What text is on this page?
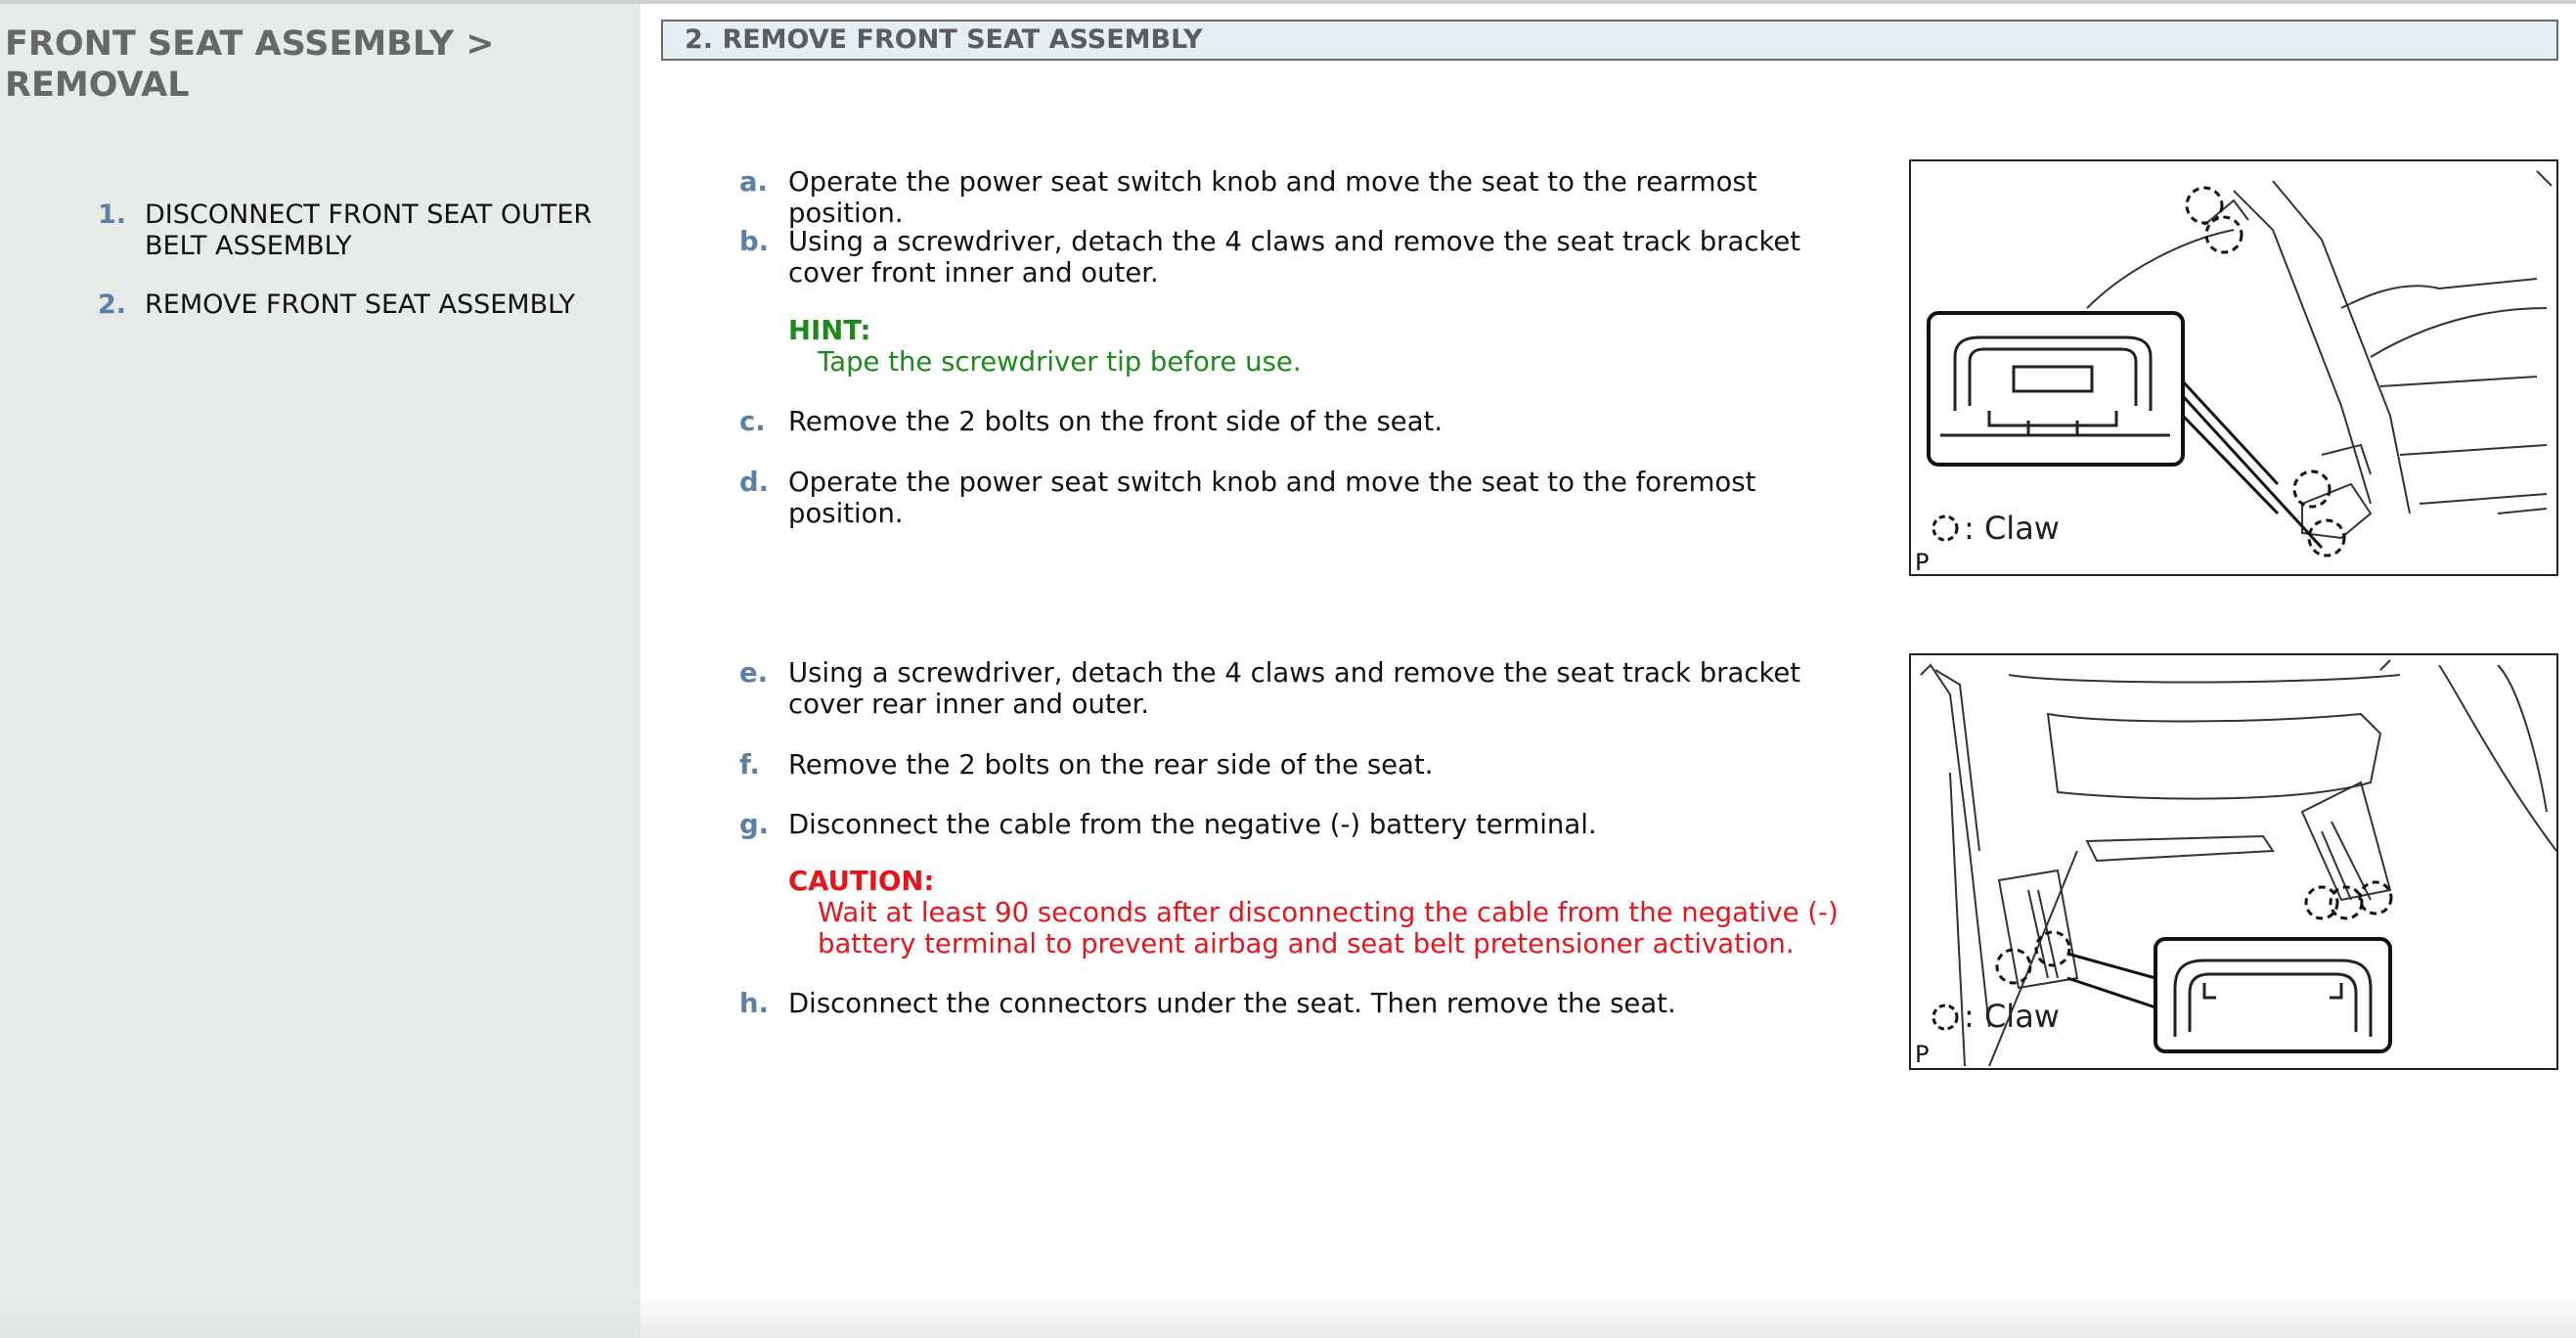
FRONT SEAT ASSEMBLY > REMOVAL
1. DISCONNECT FRONT SEAT OUTER BELT ASSEMBLY
2. REMOVE FRONT SEAT ASSEMBLY
2. REMOVE FRONT SEAT ASSEMBLY
a. Operate the power seat switch knob and move the seat to the rearmost position.
b. Using a screwdriver, detach the 4 claws and remove the seat track bracket cover front inner and outer.
HINT:
Tape the screwdriver tip before use.
c. Remove the 2 bolts on the front side of the seat.
d. Operate the power seat switch knob and move the seat to the foremost position.
e. Using a screwdriver, detach the 4 claws and remove the seat track bracket cover rear inner and outer.
f. Remove the 2 bolts on the rear side of the seat.
g. Disconnect the cable from the negative (-) battery terminal.
CAUTION:
Wait at least 90 seconds after disconnecting the cable from the negative (-) battery terminal to prevent airbag and seat belt pretensioner activation.
h. Disconnect the connectors under the seat. Then remove the seat.
: Claw
P
: Claw
P
